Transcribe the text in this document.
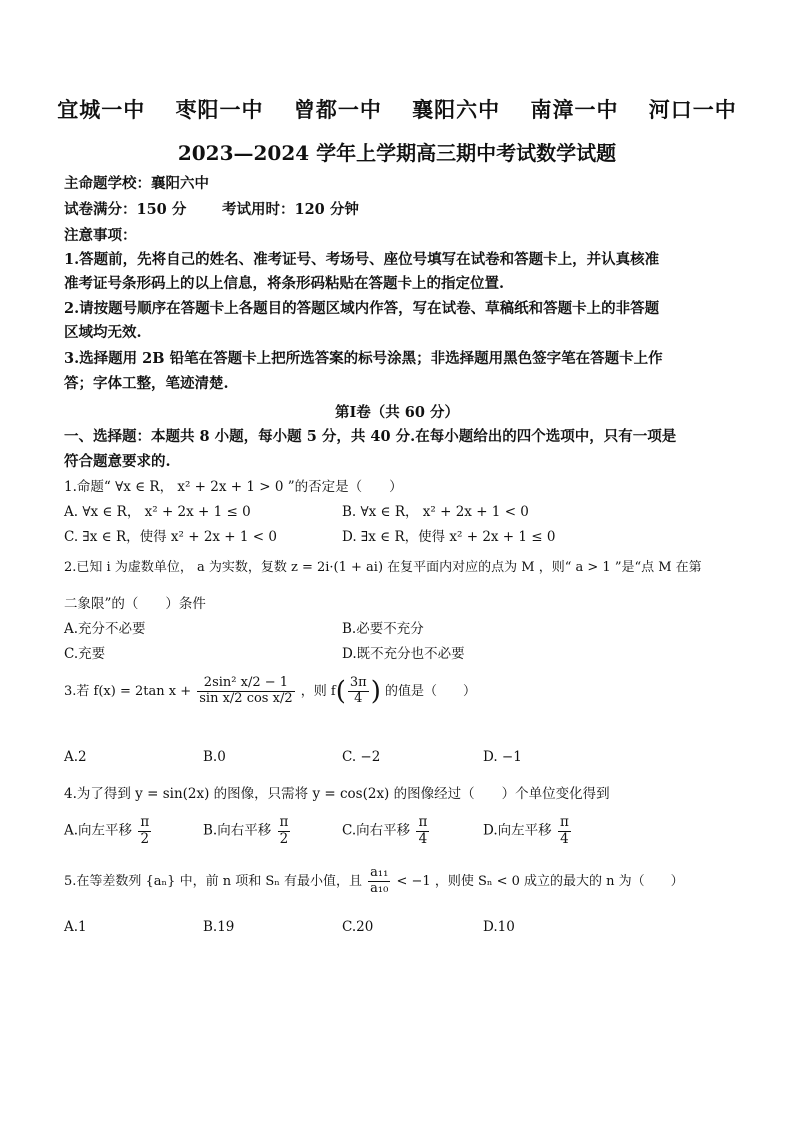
宜城一中 枣阳一中 曾都一中 襄阳六中 南漳一中 河口一中
2023—2024 学年上学期高三期中考试数学试题
主命题学校：襄阳六中
试卷满分：150 分 考试用时：120 分钟
注意事项：
1.答题前，先将自己的姓名、准考证号、考场号、座位号填写在试卷和答题卡上，并认真核准
准考证号条形码上的以上信息，将条形码粘贴在答题卡上的指定位置.
2.请按题号顺序在答题卡上各题目的答题区域内作答，写在试卷、草稿纸和答题卡上的非答题
区域均无效.
3.选择题用 2B 铅笔在答题卡上把所选答案的标号涂黑；非选择题用黑色签字笔在答题卡上作
答；字体工整，笔迹清楚.
第Ⅰ卷（共 60 分）
一、选择题：本题共 8 小题，每小题 5 分，共 40 分.在每小题给出的四个选项中，只有一项是
符合题意要求的.
1.命题“ ∀x ∈ R， x² + 2x + 1 > 0 ”的否定是（　　）
A. ∀x ∈ R， x² + 2x + 1 ≤ 0	B. ∀x ∈ R， x² + 2x + 1 < 0
C. ∃x ∈ R，使得 x² + 2x + 1 < 0	D. ∃x ∈ R，使得 x² + 2x + 1 ≤ 0
2.已知 i 为虚数单位， a 为实数，复数 z = 2i·(1 + ai) 在复平面内对应的点为 M ，则“ a > 1 ”是“点 M 在第
二象限”的（　　）条件
A.充分不必要	B.必要不充分
C.充要	D.既不充分也不必要
3.若 f(x) = 2tan $x + \frac{\text{2sin² x/2 − 1}}{\text{sin x/2 cos x/2}}$ ，则 $f( \frac{3\pi}{4}$ ) 的值是（　　）
A.2	B.0	C. −2	D. −1
4.为了得到 y = sin(2x) 的图像，只需将 y = cos(2x) 的图像经过（　　）个单位变化得到
A.向左平移 $\frac{\pi}{2}$	B.向右平移 $\frac{\pi}{2}$	C.向右平移 $\frac{\pi}{4}$	D.向左平移 $\frac{\pi}{4}$
5.在等差数列 {aₙ} 中，前 n 项和 Sₙ 有最小值，且 $\frac{\text{a₁₁}}{\text{a₁₀}} < -1$ ，则使 Sₙ < 0 成立的最大的 n 为（　　）
A.1	B.19	C.20	D.10
